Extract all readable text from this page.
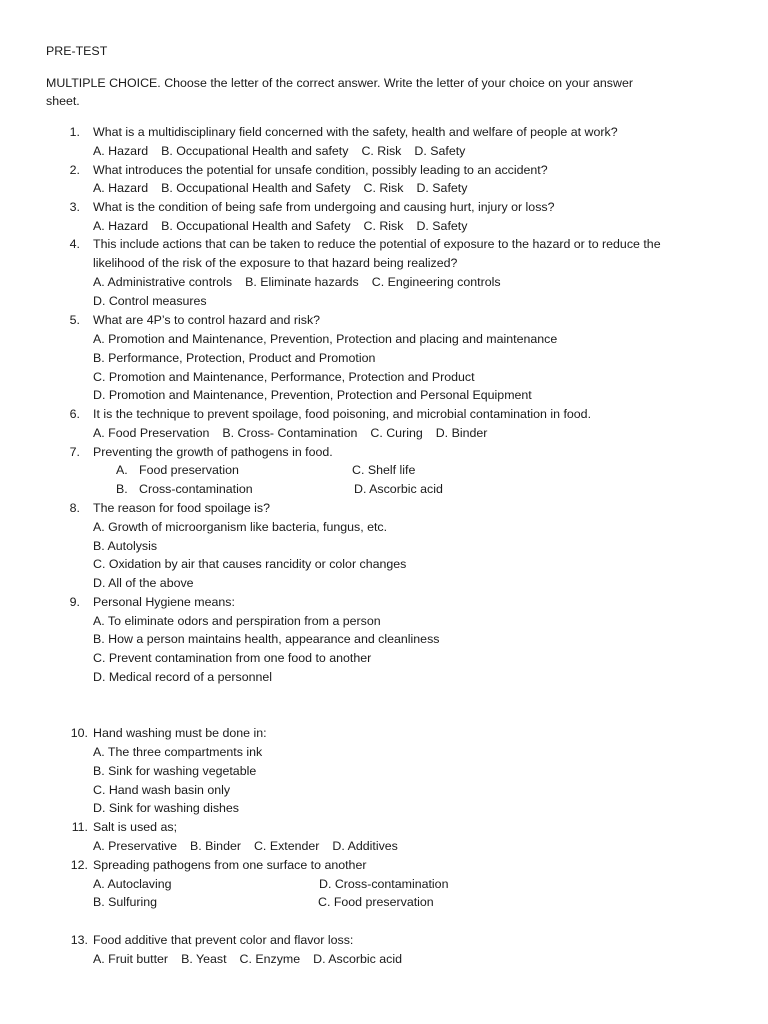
PRE-TEST
MULTIPLE CHOICE. Choose the letter of the correct answer. Write the letter of your choice on your answer
sheet.
1. What is a multidisciplinary field concerned with the safety, health and welfare of people at work?
A. Hazard B. Occupational Health and safety C. Risk D. Safety
2. What introduces the potential for unsafe condition, possibly leading to an accident?
A. Hazard B. Occupational Health and Safety C. Risk D. Safety
3. What is the condition of being safe from undergoing and causing hurt, injury or loss?
A. Hazard B. Occupational Health and Safety C. Risk D. Safety
4. This include actions that can be taken to reduce the potential of exposure to the hazard or to reduce the
likelihood of the risk of the exposure to that hazard being realized?
A. Administrative controls B. Eliminate hazards C. Engineering controls
D. Control measures
5. What are 4P’s to control hazard and risk?
A. Promotion and Maintenance, Prevention, Protection and placing and maintenance
B. Performance, Protection, Product and Promotion
C. Promotion and Maintenance, Performance, Protection and Product
D. Promotion and Maintenance, Prevention, Protection and Personal Equipment
6. It is the technique to prevent spoilage, food poisoning, and microbial contamination in food.
A. Food Preservation B. Cross- Contamination C. Curing D. Binder
7. Preventing the growth of pathogens in food.
A. Food preservation	C. Shelf life
B. Cross-contamination	D. Ascorbic acid
8. The reason for food spoilage is?
A. Growth of microorganism like bacteria, fungus, etc.
B. Autolysis
C. Oxidation by air that causes rancidity or color changes
D. All of the above
9. Personal Hygiene means:
A. To eliminate odors and perspiration from a person
B. How a person maintains health, appearance and cleanliness
C. Prevent contamination from one food to another
D. Medical record of a personnel
10. Hand washing must be done in:
A. The three compartments ink
B. Sink for washing vegetable
C. Hand wash basin only
D. Sink for washing dishes
11. Salt is used as;
A. Preservative B. Binder C. Extender D. Additives
12. Spreading pathogens from one surface to another
A. Autoclaving	D. Cross-contamination
B. Sulfuring	C. Food preservation
13. Food additive that prevent color and flavor loss:
A. Fruit butter B. Yeast C. Enzyme D. Ascorbic acid
